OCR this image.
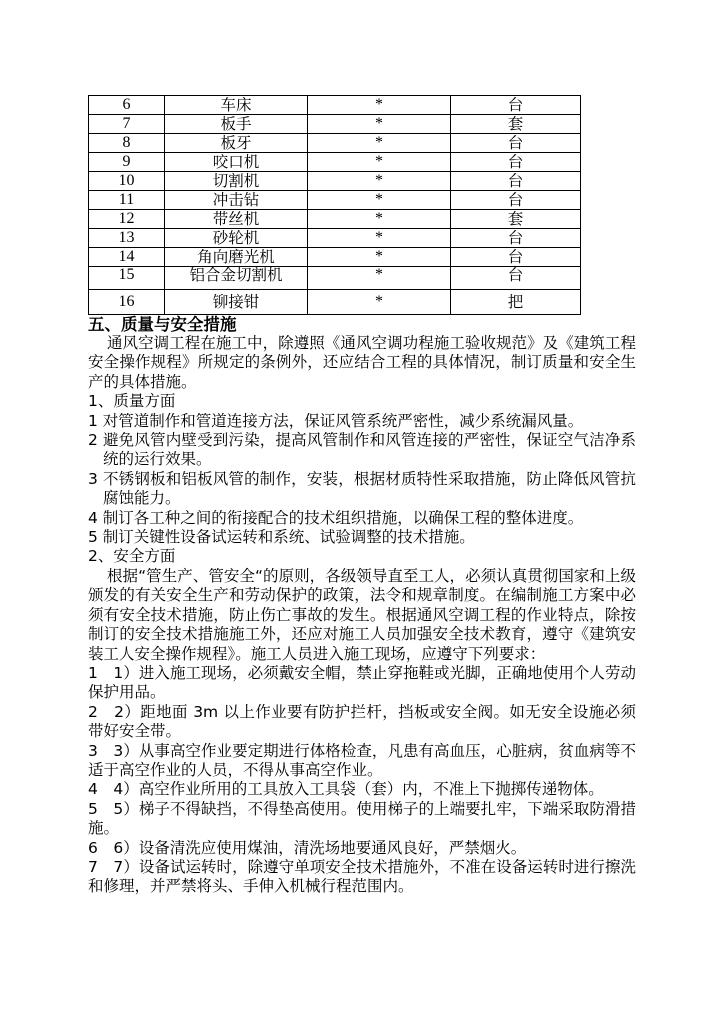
6	车床	*	台
7	板手	*	套
8	板牙	*	台
9	咬口机	*	台
10	切割机	*	台
11	冲击钻	*	台
12	带丝机	*	套
13	砂轮机	*	台
14	角向磨光机	*	台
15	铝合金切割机	*	台
16	铆接钳	*	把
五、质量与安全措施

通风空调工程在施工中，除遵照《通风空调功程施工验收规范》及《建筑工程安全操作规程》所规定的条例外，还应结合工程的具体情况，制订质量和安全生产的具体措施。

1、质量方面

1 对管道制作和管道连接方法，保证风管系统严密性，减少系统漏风量。

2 避免风管内壁受到污染，提高风管制作和风管连接的严密性，保证空气洁净系统的运行效果。

3 不锈钢板和铝板风管的制作，安装，根据材质特性采取措施，防止降低风管抗腐蚀能力。

4 制订各工种之间的衔接配合的技术组织措施，以确保工程的整体进度。

5 制订关键性设备试运转和系统、试验调整的技术措施。

2、安全方面

根据“管生产、管安全“的原则，各级领导直至工人，必须认真贯彻国家和上级颁发的有关安全生产和劳动保护的政策，法令和规章制度。在编制施工方案中必须有安全技术措施，防止伤亡事故的发生。根据通风空调工程的作业特点，除按制订的安全技术措施施工外，还应对施工人员加强安全技术教育，遵守《建筑安装工人安全操作规程》。施工人员进入施工现场，应遵守下列要求：

1　1）进入施工现场，必须戴安全帽，禁止穿拖鞋或光脚，正确地使用个人劳动保护用品。

2　2）距地面 3m 以上作业要有防护拦杆，挡板或安全阀。如无安全设施必须带好安全带。

3　3）从事高空作业要定期进行体格检查，凡患有高血压，心脏病，贫血病等不适于高空作业的人员，不得从事高空作业。

4　4）高空作业所用的工具放入工具袋（套）内，不准上下抛掷传递物体。

5　5）梯子不得缺挡，不得垫高使用。使用梯子的上端要扎牢，下端采取防滑措施。

6　6）设备清洗应使用煤油，清洗场地要通风良好，严禁烟火。

7　7）设备试运转时，除遵守单项安全技术措施外，不准在设备运转时进行擦洗和修理，并严禁将头、手伸入机械行程范围内。
